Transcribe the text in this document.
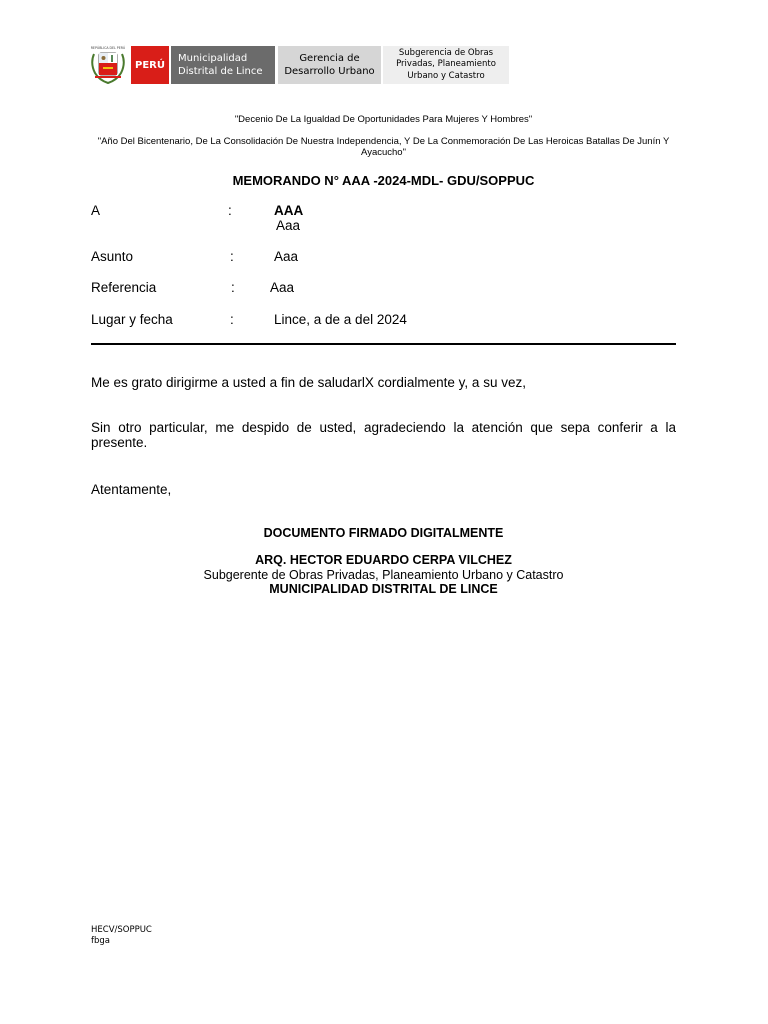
REPÚBLICA DEL PERÚ
PERÚ
Municipalidad
Distrital de Lince
Gerencia de
Desarrollo Urbano
Subgerencia de Obras
Privadas, Planeamiento
Urbano y Catastro
"Decenio De La Igualdad De Oportunidades Para Mujeres Y Hombres"
"Año Del Bicentenario, De La Consolidación De Nuestra Independencia, Y De La Conmemoración De Las Heroicas Batallas De Junín Y Ayacucho"
MEMORANDO N° AAA -2024-MDL- GDU/SOPPUC
A	:	AAA
Aaa
Asunto	:	Aaa
Referencia	:	Aaa
Lugar y fecha	:	Lince, a de a del 2024
Me es grato dirigirme a usted a fin de saludarlX cordialmente y, a su vez,
Sin otro particular, me despido de usted, agradeciendo la atención que sepa conferir a la presente.
Atentamente,
DOCUMENTO FIRMADO DIGITALMENTE
ARQ. HECTOR EDUARDO CERPA VILCHEZ
Subgerente de Obras Privadas, Planeamiento Urbano y Catastro
MUNICIPALIDAD DISTRITAL DE LINCE
HECV/SOPPUC
fbga
